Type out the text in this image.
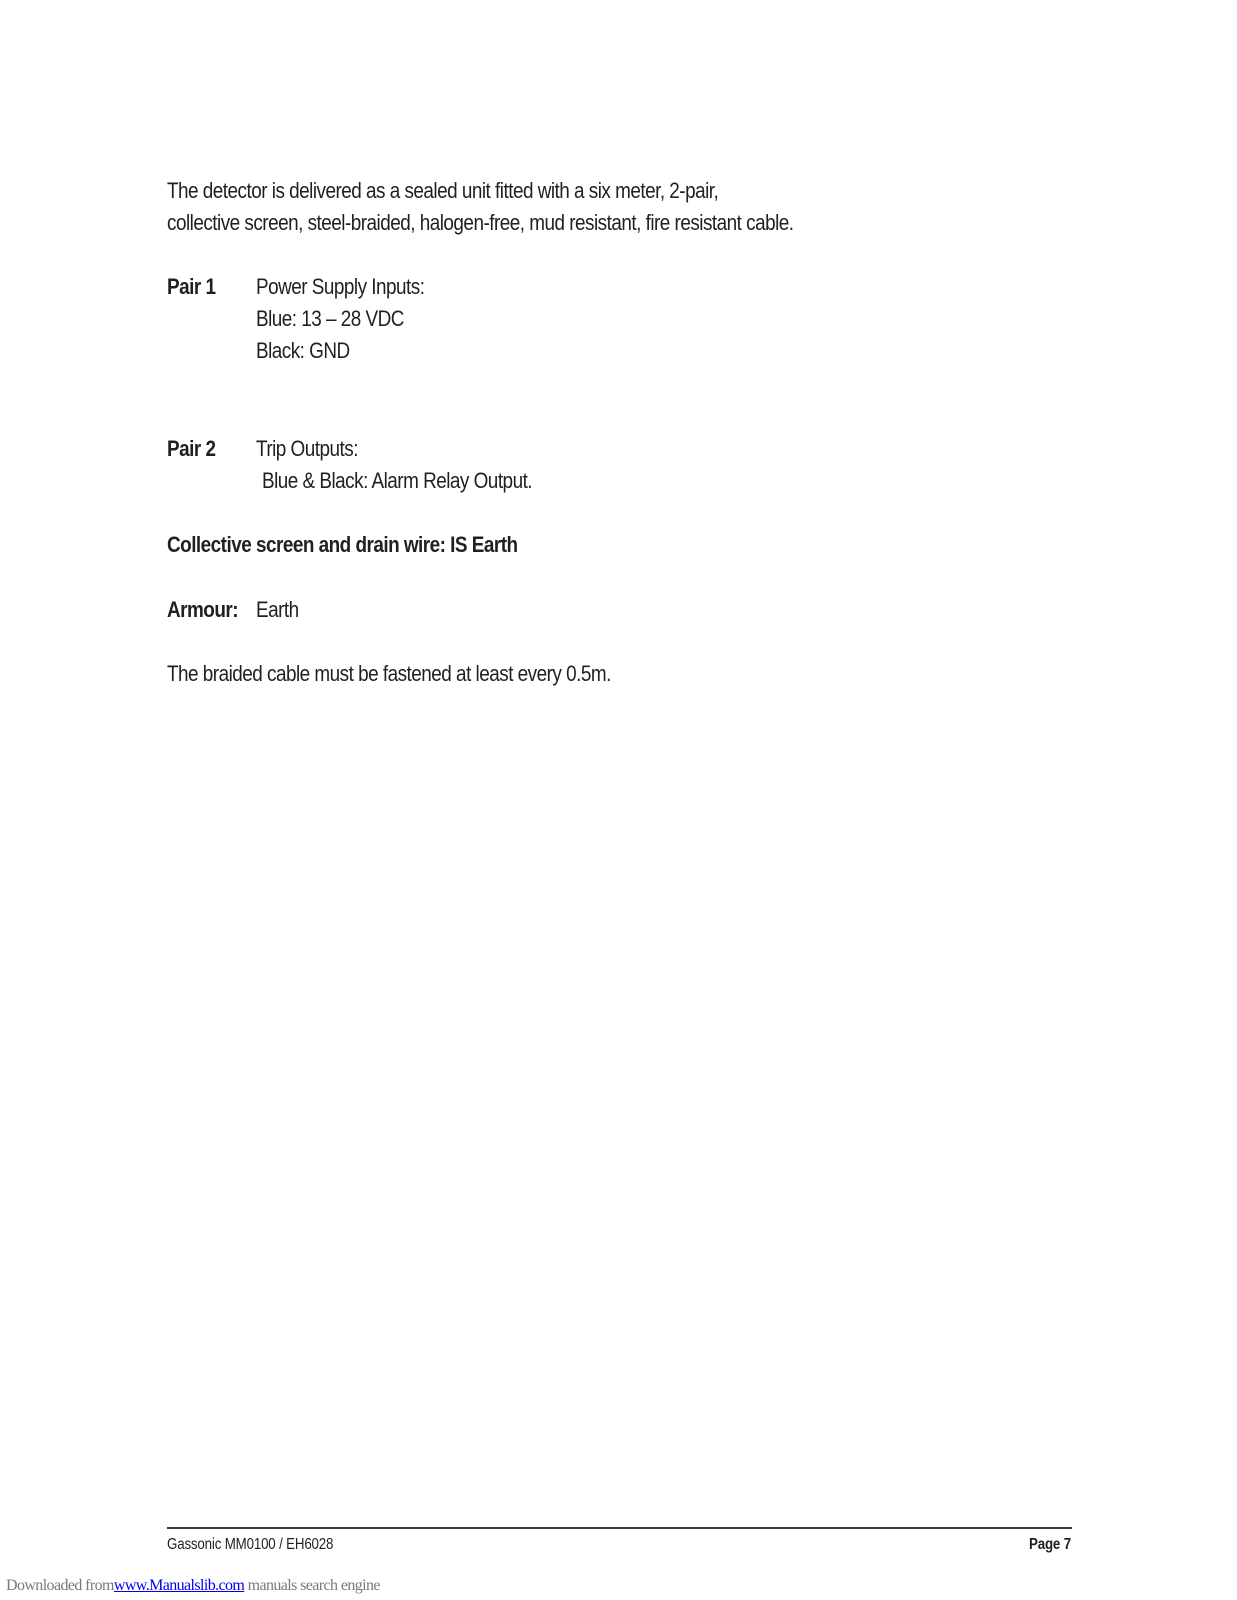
The detector is delivered as a sealed unit fitted with a six meter, 2-pair,
collective screen, steel-braided, halogen-free, mud resistant, fire resistant cable.
Pair 1 Power Supply Inputs:
Blue: 13 – 28 VDC
Black: GND
Pair 2 Trip Outputs:
Blue & Black: Alarm Relay Output.
Collective screen and drain wire: IS Earth
Armour: Earth
The braided cable must be fastened at least every 0.5m.
Gassonic MM0100 / EH6028	Page 7
Downloaded fromwww.Manualslib.com manuals search engine
